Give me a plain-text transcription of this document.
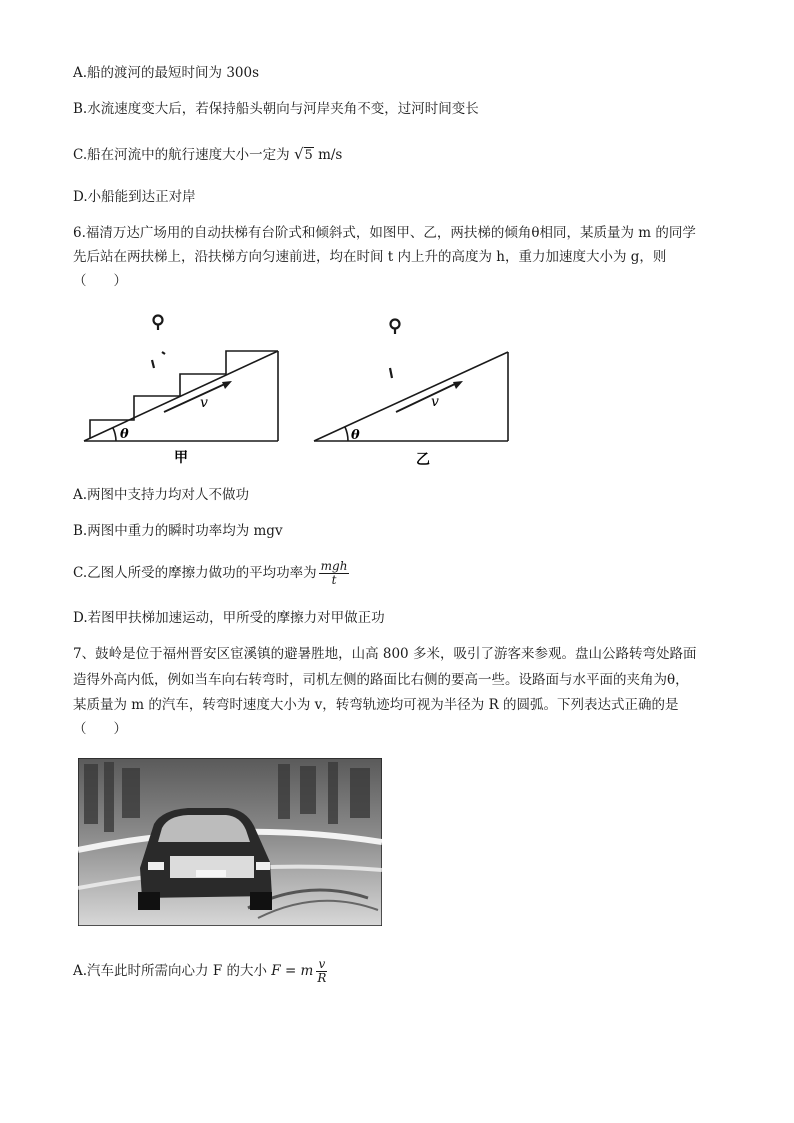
A.船的渡河的最短时间为 300s
B.水流速度变大后，若保持船头朝向与河岸夹角不变，过河时间变长
C.船在河流中的航行速度大小一定为 √5 m/s
D.小船能到达正对岸
6.福清万达广场用的自动扶梯有台阶式和倾斜式，如图甲、乙，两扶梯的倾角θ相同，某质量为 m 的同学
先后站在两扶梯上，沿扶梯方向匀速前进，均在时间 t 内上升的高度为 h，重力加速度大小为 g，则
（　　）
v
θ
甲
v
θ
乙
A.两图中支持力均对人不做功
B.两图中重力的瞬时功率均为 mgv
C.乙图人所受的摩擦力做功的平均功率为 $\frac{\text{mgh}}{t}$
D.若图甲扶梯加速运动，甲所受的摩擦力对甲做正功
7、鼓岭是位于福州晋安区宦溪镇的避暑胜地，山高 800 多米，吸引了游客来参观。盘山公路转弯处路面
造得外高内低，例如当车向右转弯时，司机左侧的路面比右侧的要高一些。设路面与水平面的夹角为θ，
某质量为 m 的汽车，转弯时速度大小为 v，转弯轨迹均可视为半径为 R 的圆弧。下列表达式正确的是
（　　）
A.汽车此时所需向心力 F 的大小 F = m $\frac{v}{R}$
